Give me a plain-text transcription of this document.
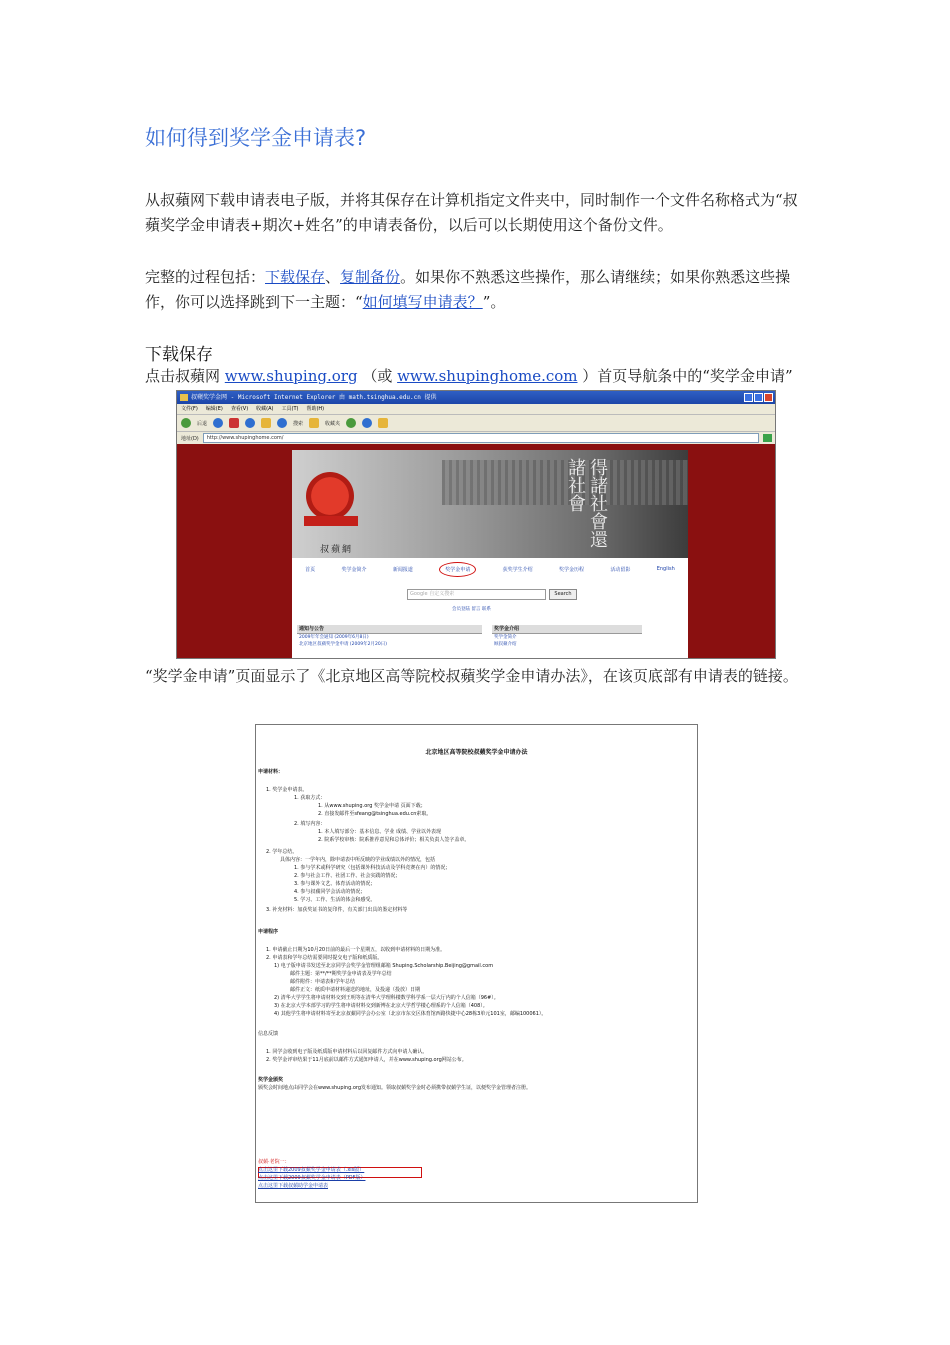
如何得到奖学金申请表?
从叔蘋网下载申请表电子版，并将其保存在计算机指定文件夹中，同时制作一个文件名称格式为“叔蘋奖学金申请表+期次+姓名”的申请表备份，以后可以长期使用这个备份文件。
完整的过程包括：下载保存、复制备份。如果你不熟悉这些操作，那么请继续；如果你熟悉这些操作，你可以选择跳到下一主题：“如何填写申请表？”。
下载保存
点击叔蘋网 www.shuping.org （或 www.shupinghome.com ）首页导航条中的“奖学金申请”
叔蘋奖学金网 - Microsoft Internet Explorer 由 math.tsinghua.edu.cn 提供
文件(F) 编辑(E) 查看(V) 收藏(A) 工具(T) 帮助(H)
后退	搜索	收藏夹
地址(D)	http://www.shupinghome.com/
叔蘋網
得諸社會還諸社會
首页	奖学金简介	新闻报道	奖学金申请	获奖学生介绍	奖学金历程	活动留影	English
Google 自定义搜索	Search
会员登陆 留言 联系
通知与公告
2009年年会通知 (2009年6月8日)
北京地区叔蘋奖学金申请 (2009年2月20日)
奖学金介绍
奖学金简介
顾叔蘋介绍
“奖学金申请”页面显示了《北京地区高等院校叔蘋奖学金申请办法》，在该页底部有申请表的链接。
北京地区高等院校叔蘋奖学金申请办法
申请材料：
1. 奖学金申请表。
1. 获取方式：
1. 从www.shuping.org 奖学金申请 页面下载；
2. 直接发邮件至sfeang@tsinghua.edu.cn索取。
2. 填写内容：
1. 本人填写部分：基本信息、学业 成绩、学业以外表现
2. 院系学校审核：院系推荐意见和总体评价；相关负责人签字盖章。
2. 学年总结。
具体内容：一学年内，除申请表中所反映的学业成绩以外的情况，包括
1. 参与学术或科学研究（包括课外科技活动及学科竞赛在内）的情况；
2. 参与社会工作、社团工作、社会实践的情况；
3. 参与课外文艺、体育活动的情况；
4. 参与叔蘋同学会活动的情况；
5. 学习、工作、生活的体会和感受。
3. 补充材料：加获奖证书的复印件，有关部门出具的鉴定材料等
申请程序
1. 申请截止日期为10月20日前的最后一个星期五，以收到申请材料的日期为准。
2. 申请表和学年总结需要同时提交电子版和纸质版。
1) 电子版申请书发送至北京同学会奖学金管理组邮箱 Shuping.Scholarship.Beijing@gmail.com
邮件主题：第**/**期奖学金申请表及学年总结
邮件附件：申请表和学年总结
邮件正文：纸质申请材料递送的地址，及投递（投放）日期
2) 清华大学学生将申请材料交到王明等在清华大学理科楼数学科学系一层大厅内的个人信箱（96#）。
3) 在北京大学本部学习的学生将申请材料交到新博在北京大学哲学楼心理系的个人信箱（408）。
4) 其他学生将申请材料寄至北京叔蘋同学会办公室（北京市东交区体育馆西路快捷中心28栋3单元101室，邮编100061）。
信息反馈
1. 同学会收到电子版及纸质版申请材料后以回复邮件方式向申请人确认。
2. 奖学金评审结果于11月底前以邮件方式通知申请人，并在www.shuping.org网站公布。
奖学金颁奖
颁奖会时间地点由同学会在www.shuping.org发布通知。领取叔蘋奖学金时必须携带叔蘋学生证，以便奖学金管理者注册。
叔蘋·老院一：
点击这里下载2009叔蘋奖学金申请表（.xls版）
点击这里下载2009叔蘋奖学金申请表（PDF版）
点击这里下载叔蘋助学金申请表
